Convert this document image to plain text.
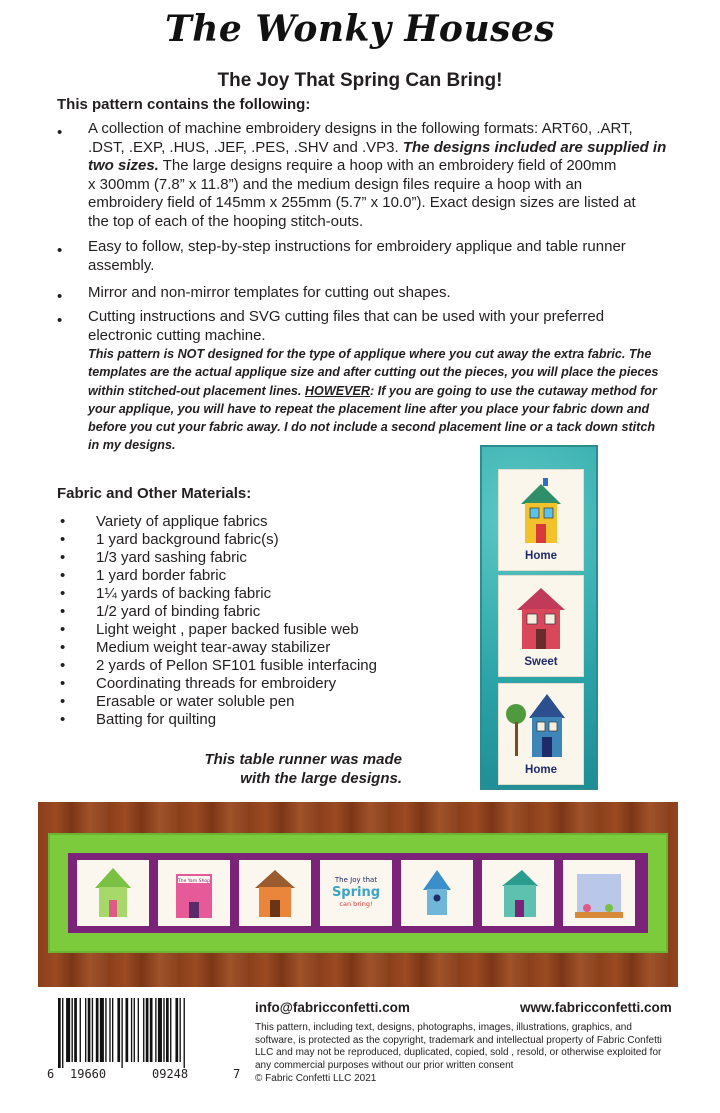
The Wonky Houses
The Joy That Spring Can Bring!
This pattern contains the following:
• A collection of machine embroidery designs in the following formats: ART60, .ART,
.DST, .EXP, .HUS, .JEF, .PES, .SHV and .VP3. The designs included are supplied in
two sizes. The large designs require a hoop with an embroidery field of 200mm
x 300mm (7.8” x 11.8”) and the medium design files require a hoop with an
embroidery field of 145mm x 255mm (5.7” x 10.0”). Exact design sizes are listed at
the top of each of the hooping stitch-outs.
• Easy to follow, step-by-step instructions for embroidery applique and table runner
assembly.
• Mirror and non-mirror templates for cutting out shapes.
• Cutting instructions and SVG cutting files that can be used with your preferred
electronic cutting machine.
This pattern is NOT designed for the type of applique where you cut away the extra fabric. The
templates are the actual applique size and after cutting out the pieces, you will place the pieces
within stitched-out placement lines. HOWEVER: If you are going to use the cutaway method for
your applique, you will have to repeat the placement line after you place your fabric down and
before you cut your fabric away. I do not include a second placement line or a tack down stitch
in my designs.
Fabric and Other Materials:
• Variety of applique fabrics
• 1 yard background fabric(s)
• 1/3 yard sashing fabric
• 1 yard border fabric
• 1¼ yards of backing fabric
• 1/2 yard of binding fabric
• Light weight , paper backed fusible web
• Medium weight tear-away stabilizer
• 2 yards of Pellon SF101 fusible interfacing
• Coordinating threads for embroidery
• Erasable or water soluble pen
• Batting for quilting
Home
Sweet
Home
This table runner was made
with the large designs.
The Yarn Shop	The Joy that
Spring
can bring!
6 19660	09248	7
info@fabricconfetti.com	www.fabricconfetti.com
This pattern, including text, designs, photographs, images, illustrations, graphics, and
software, is protected as the copyright, trademark and intellectual property of Fabric Confetti
LLC and may not be reproduced, duplicated, copied, sold , resold, or otherwise exploited for
any commercial purposes without our prior written consent
© Fabric Confetti LLC 2021
